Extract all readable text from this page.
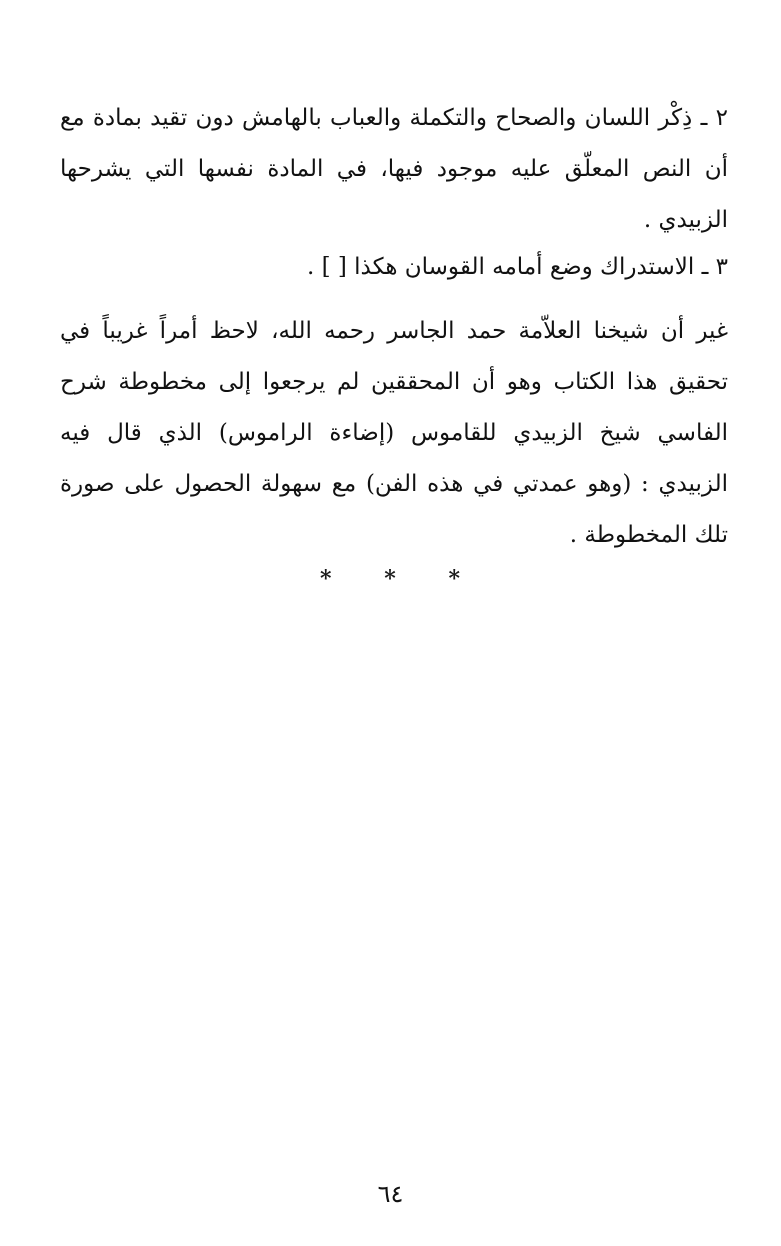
٢ ـ ذِكْر اللسان والصحاح والتكملة والعباب بالهامش دون تقيد بمادة مع أن النص المعلّق عليه موجود فيها، في المادة نفسها التي يشرحها الزبيدي .

٣ ـ الاستدراك وضع أمامه القوسان هكذا [ ] .

غير أن شيخنا العلاّمة حمد الجاسر رحمه الله، لاحظ أمراً غريباً في تحقيق هذا الكتاب وهو أن المحققين لم يرجعوا إلى مخطوطة شرح الفاسي شيخ الزبيدي للقاموس (إضاءة الراموس) الذي قال فيه الزبيدي : (وهو عمدتي في هذه الفن) مع سهولة الحصول على صورة تلك المخطوطة .

*
*
*
٦٤
